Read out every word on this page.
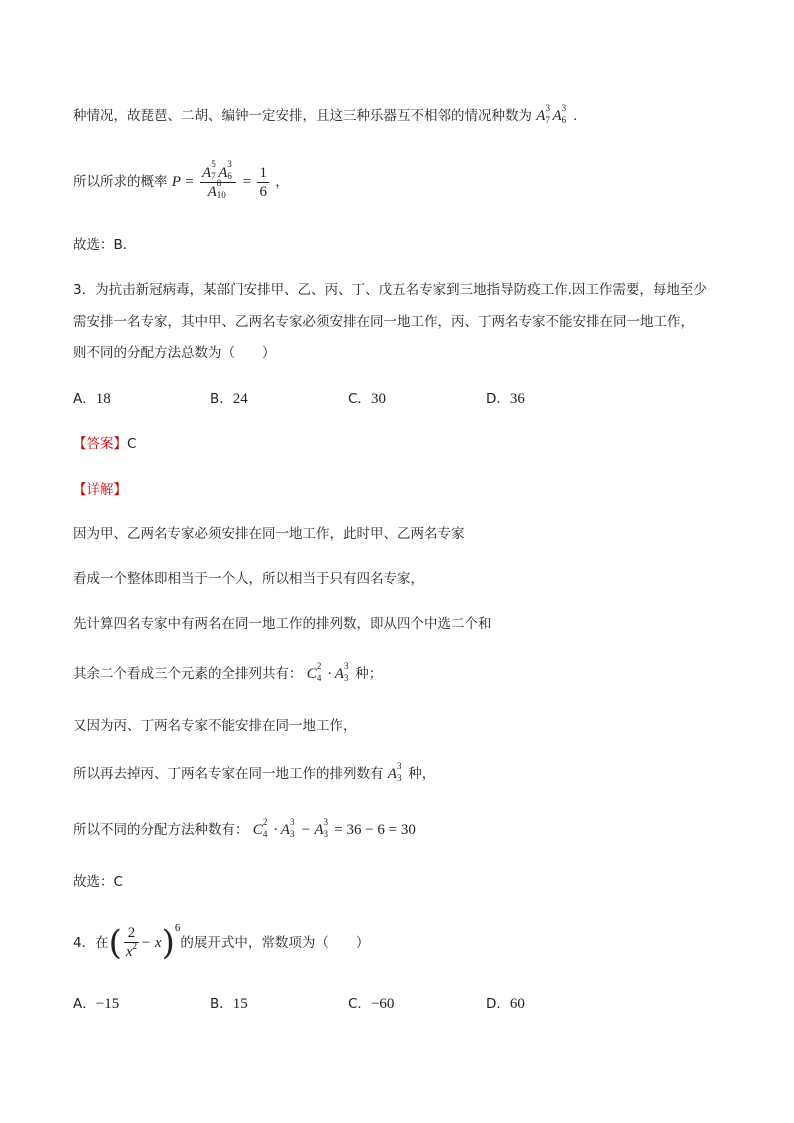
种情况，故琵琶、二胡、编钟一定安排，且这三种乐器互不相邻的情况种数为 A
3
7 A
3
6 .
所以所求的概率 P = A
5
7 A
3
6
A
8
$10 = \frac{1}{6}$ ，
故选：B．
3．为抗击新冠病毒，某部门安排甲、乙、丙、丁、戊五名专家到三地指导防疫工作.因工作需要，每地至少
需安排一名专家，其中甲、乙两名专家必须安排在同一地工作，丙、丁两名专家不能安排在同一地工作，
则不同的分配方法总数为（　　）
A．18	B．24	C．30	D．36
【答案】C
【详解】
因为甲、乙两名专家必须安排在同一地工作，此时甲、乙两名专家
看成一个整体即相当于一个人，所以相当于只有四名专家，
先计算四名专家中有两名在同一地工作的排列数，即从四个中选二个和
其余二个看成三个元素的全排列共有： C
2
4 · A
3
3 种；
又因为丙、丁两名专家不能安排在同一地工作，
所以再去掉丙、丁两名专家在同一地工作的排列数有 A
3
3 种，
所以不同的分配方法种数有： C
2
4 · A
3
3 − A
3
3 = 36 − 6 = 30
故选：C
4．在( $\frac{2}{x^2} - x)^6$的展开式中，常数项为（　　）
A．−15	B．15	C．−60	D．60
